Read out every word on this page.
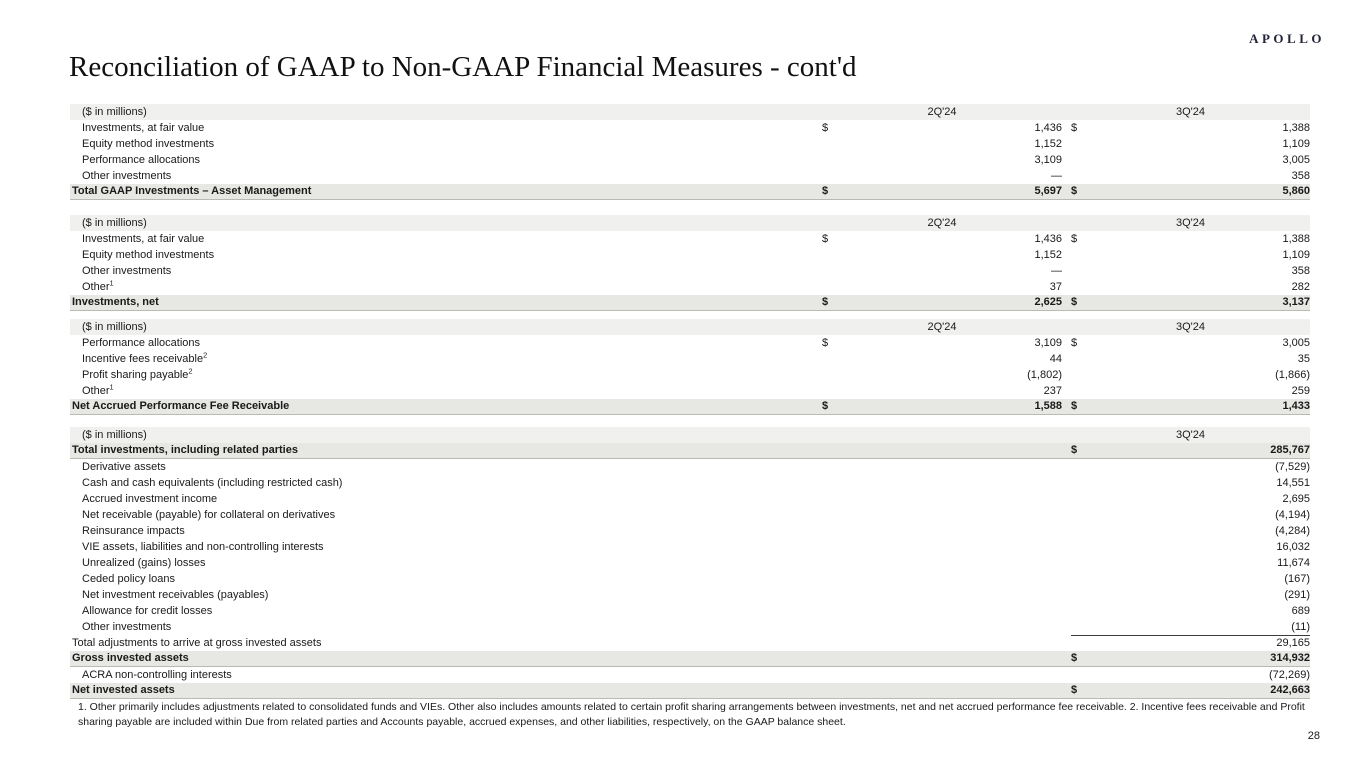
APOLLO
Reconciliation of GAAP to Non-GAAP Financial Measures - cont'd
($ in millions)	2Q'24	3Q'24
Investments, at fair value	$	1,436 $	1,388
Equity method investments	1,152	1,109
Performance allocations	3,109	3,005
Other investments	—	358
Total GAAP Investments – Asset Management	$	5,697 $	5,860
($ in millions)	2Q'24	3Q'24
Investments, at fair value	$	1,436 $	1,388
Equity method investments	1,152	1,109
Other investments	—	358
Other$^1$	37	282
Investments, net	$	2,625 $	3,137
($ in millions)	2Q'24	3Q'24
Performance allocations	$	3,109 $	3,005
Incentive fees receivable$^2$	44	35
Profit sharing payable$^2$	(1,802)	(1,866)
Other$^1$	237	259
Net Accrued Performance Fee Receivable	$	1,588 $	1,433
($ in millions)	3Q'24
Total investments, including related parties	$	285,767
Derivative assets	(7,529)
Cash and cash equivalents (including restricted cash)	14,551
Accrued investment income	2,695
Net receivable (payable) for collateral on derivatives	(4,194)
Reinsurance impacts	(4,284)
VIE assets, liabilities and non-controlling interests	16,032
Unrealized (gains) losses	11,674
Ceded policy loans	(167)
Net investment receivables (payables)	(291)
Allowance for credit losses	689
Other investments	(11)
Total adjustments to arrive at gross invested assets	29,165
Gross invested assets	$	314,932
ACRA non-controlling interests	(72,269)
Net invested assets	$	242,663
1. Other primarily includes adjustments related to consolidated funds and VIEs. Other also includes amounts related to certain profit sharing arrangements between investments, net and net accrued performance fee receivable. 2. Incentive fees receivable and Profit sharing payable are included within Due from related parties and Accounts payable, accrued expenses, and other liabilities, respectively, on the GAAP balance sheet.
28
